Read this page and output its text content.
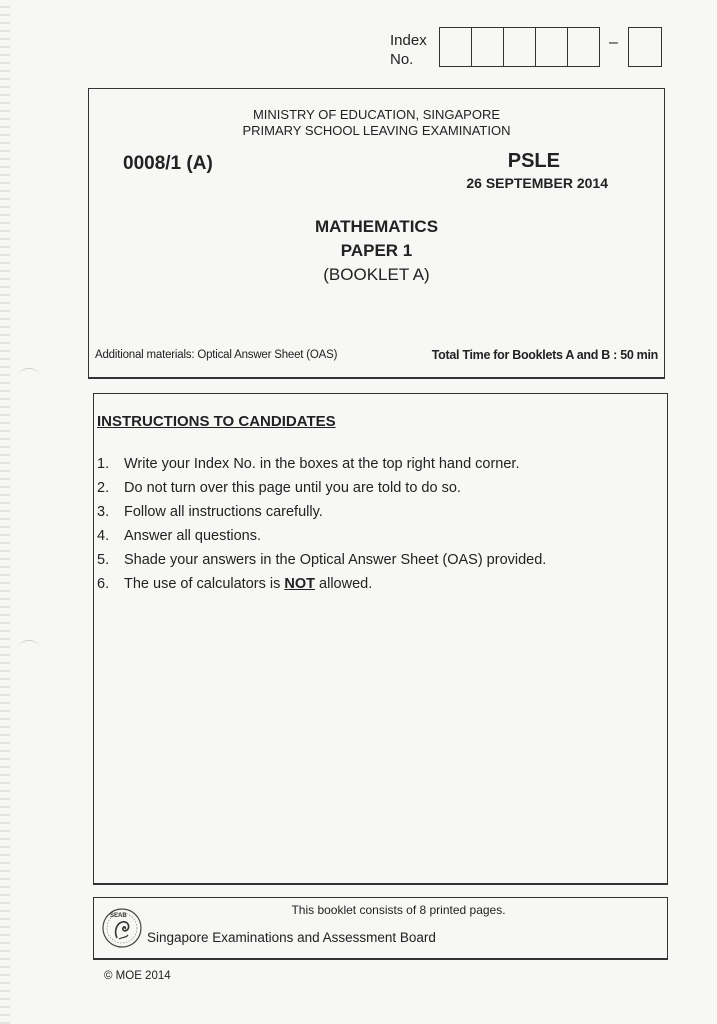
Index
No.
–
MINISTRY OF EDUCATION, SINGAPORE
PRIMARY SCHOOL LEAVING EXAMINATION
0008/1 (A)	PSLE
26 SEPTEMBER 2014
MATHEMATICS
PAPER 1
(BOOKLET A)
Additional materials: Optical Answer Sheet (OAS)	Total Time for Booklets A and B : 50 min
INSTRUCTIONS TO CANDIDATES
1.	Write your Index No. in the boxes at the top right hand corner.
2.	Do not turn over this page until you are told to do so.
3.	Follow all instructions carefully.
4.	Answer all questions.
5.	Shade your answers in the Optical Answer Sheet (OAS) provided.
6.	The use of calculators is NOT allowed.
This booklet consists of 8 printed pages.
SEAB
Singapore Examinations and Assessment Board
© MOE 2014
